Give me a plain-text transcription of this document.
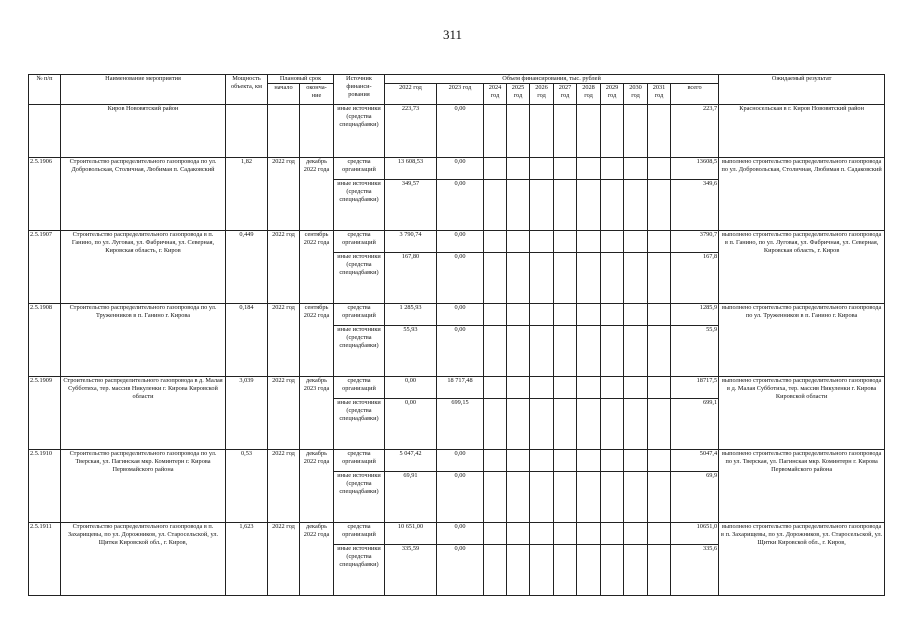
311
№ п/п	Наименование мероприятия	Мощность объекта, км	Плановый срок		Источник финанси- рования	Объем финансирования, тыс. рублей											Ожидаемый результат
			начало	оконча- ние		2022 год	2023 год	2024 год	2025 год	2026 год	2027 год	2028 год	2029 год	2030 год	2031 год	всего	

	Киров Нововятский район				иные источники (средства спецнадбавки)	223,73	0,00									223,7	Красносельская в г. Киров Нововятский район
2.5.1906	Строительство распределительного газопровода по ул. Добровольская, Столичная, Любимая п. Садаковский	1,82	2022 год	декабрь 2022 года	средства организаций	13 608,53	0,00									13608,5	выполнено строительство распределительного газопровода по ул. Добровольская, Столичная, Любимая п. Садаковский
					иные источники (средства спецнадбавки)	349,57	0,00									349,6	
2.5.1907	Строительство распределительного газопровода в п. Ганино, по ул. Луговая, ул. Фабричная, ул. Северная, Кировская область, г. Киров	0,449	2022 год	сентябрь 2022 года	средства организаций	3 790,74	0,00									3790,7	выполнено строительство распределительного газопровода в п. Ганино, по ул. Луговая, ул. Фабричная, ул. Северная, Кировская область, г. Киров
					иные источники (средства спецнадбавки)	167,80	0,00									167,8	
2.5.1908	Строительство распределительного газопровода по ул. Труженников в п. Ганино г. Кирова	0,184	2022 год	сентябрь 2022 года	средства организаций	1 285,93	0,00									1285,9	выполнено строительство распределительного газопровода по ул. Труженников в п. Ганино г. Кирова
					иные источники (средства спецнадбавки)	55,93	0,00									55,9	
2.5.1909	Строительство распределительного газопровода в д. Малая Субботиха, тер. массив Никуленки г. Кирова Кировской области	3,039	2022 год	декабрь 2023 года	средства организаций	0,00	18 717,48									18717,5	выполнено строительство распределительного газопровода в д. Малая Субботиха, тер. массив Никуленки г. Кирова Кировской области
					иные источники (средства спецнадбавки)	0,00	699,15									699,1	
2.5.1910	Строительство распределительного газопровода по ул. Тверская, ул. Пагинская мкр. Коминтерн г. Кирова Первомайского района	0,53	2022 год	декабрь 2022 года	средства организаций	5 047,42	0,00									5047,4	выполнено строительство распределительного газопровода по ул. Тверская, ул. Пагинская мкр. Коминтерн г. Кирова Первомайского района
					иные источники (средства спецнадбавки)	69,91	0,00									69,9	
2.5.1911	Строительство распределительного газопровода в п. Захарищевы, по ул. Дорожников, ул. Старосельской, ул. Щитки Кировской обл., г. Киров,	1,623	2022 год	декабрь 2022 года	средства организаций	10 651,00	0,00									10651,0	выполнено строительство распределительного газопровода в п. Захарищевы, по ул. Дорожников, ул. Старосельской, ул. Щитки Кировской обл., г. Киров,
					иные источники (средства спецнадбавки)	335,59	0,00									335,6	
